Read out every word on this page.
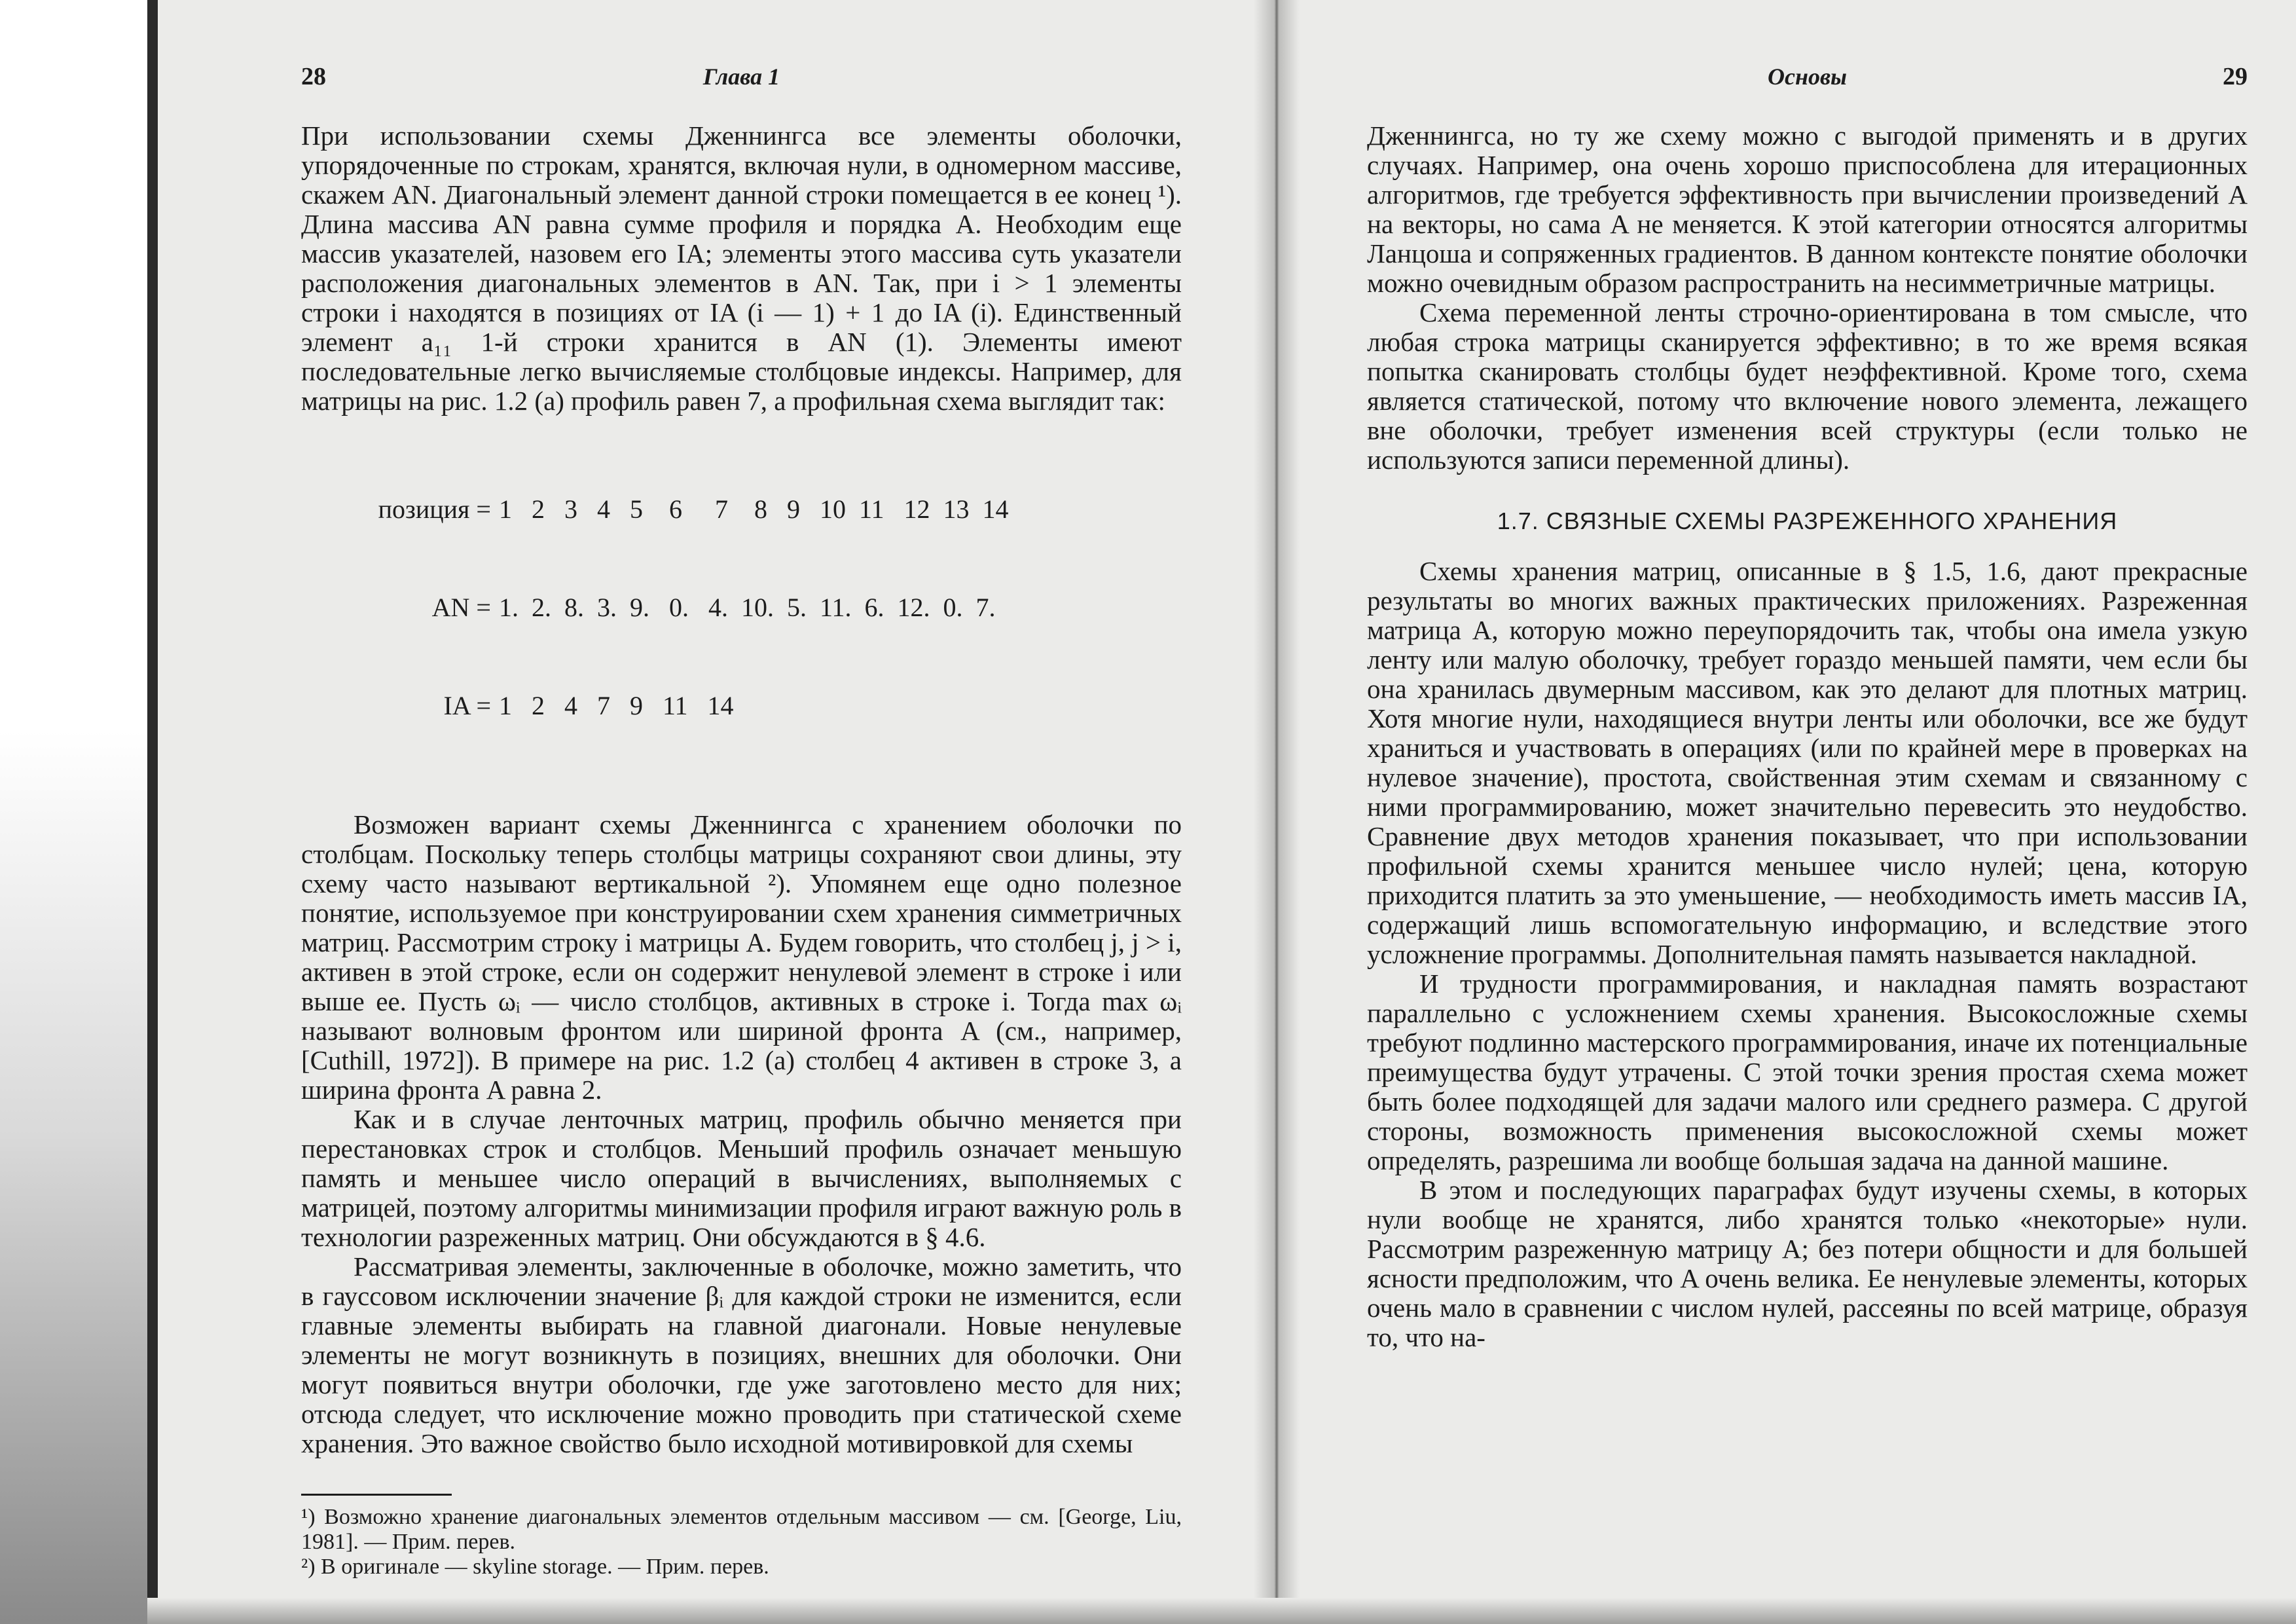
28	Глава 1

При использовании схемы Дженнингса все элементы оболочки, упорядоченные по строкам, хранятся, включая нули, в одномерном массиве, скажем AN. Диагональный элемент данной строки помещается в ее конец ¹). Длина массива AN равна сумме профиля и порядка A. Необходим еще массив указателей, назовем его IA; элементы этого массива суть указатели расположения диагональных элементов в AN. Так, при i > 1 элементы строки i находятся в позициях от IA (i — 1) + 1 до IA (i). Единственный элемент a₁₁ 1-й строки хранится в AN (1). Элементы имеют последовательные легко вычисляемые столбцовые индексы. Например, для матрицы на рис. 1.2 (a) профиль равен 7, а профильная схема выглядит так:

позиция = 1   2   3   4   5    6     7    8   9   10  11   12  13  14

AN = 1.  2.  8.  3.  9.   0.   4.  10.  5.  11.  6.  12.  0.  7.

IA = 1   2   4   7   9   11   14

Возможен вариант схемы Дженнингса с хранением оболочки по столбцам. Поскольку теперь столбцы матрицы сохраняют свои длины, эту схему часто называют вертикальной ²). Упомянем еще одно полезное понятие, используемое при конструировании схем хранения симметричных матриц. Рассмотрим строку i матрицы A. Будем говорить, что столбец j, j > i, активен в этой строке, если он содержит ненулевой элемент в строке i или выше ее. Пусть ωᵢ — число столбцов, активных в строке i. Тогда max ωᵢ называют волновым фронтом или шириной фронта A (см., например, [Cuthill, 1972]). В примере на рис. 1.2 (a) столбец 4 активен в строке 3, а ширина фронта A равна 2.

Как и в случае ленточных матриц, профиль обычно меняется при перестановках строк и столбцов. Меньший профиль означает меньшую память и меньшее число операций в вычислениях, выполняемых с матрицей, поэтому алгоритмы минимизации профиля играют важную роль в технологии разреженных матриц. Они обсуждаются в § 4.6.

Рассматривая элементы, заключенные в оболочке, можно заметить, что в гауссовом исключении значение βᵢ для каждой строки не изменится, если главные элементы выбирать на главной диагонали. Новые ненулевые элементы не могут возникнуть в позициях, внешних для оболочки. Они могут появиться внутри оболочки, где уже заготовлено место для них; отсюда следует, что исключение можно проводить при статической схеме хранения. Это важное свойство было исходной мотивировкой для схемы

¹) Возможно хранение диагональных элементов отдельным массивом — см. [George, Liu, 1981]. — Прим. перев.

²) В оригинале — skyline storage. — Прим. перев.

Основы	29

Дженнингса, но ту же схему можно с выгодой применять и в других случаях. Например, она очень хорошо приспособлена для итерационных алгоритмов, где требуется эффективность при вычислении произведений A на векторы, но сама A не меняется. К этой категории относятся алгоритмы Ланцоша и сопряженных градиентов. В данном контексте понятие оболочки можно очевидным образом распространить на несимметричные матрицы.

Схема переменной ленты строчно-ориентирована в том смысле, что любая строка матрицы сканируется эффективно; в то же время всякая попытка сканировать столбцы будет неэффективной. Кроме того, схема является статической, потому что включение нового элемента, лежащего вне оболочки, требует изменения всей структуры (если только не используются записи переменной длины).

1.7. СВЯЗНЫЕ СХЕМЫ РАЗРЕЖЕННОГО ХРАНЕНИЯ

Схемы хранения матриц, описанные в § 1.5, 1.6, дают прекрасные результаты во многих важных практических приложениях. Разреженная матрица A, которую можно переупорядочить так, чтобы она имела узкую ленту или малую оболочку, требует гораздо меньшей памяти, чем если бы она хранилась двумерным массивом, как это делают для плотных матриц. Хотя многие нули, находящиеся внутри ленты или оболочки, все же будут храниться и участвовать в операциях (или по крайней мере в проверках на нулевое значение), простота, свойственная этим схемам и связанному с ними программированию, может значительно перевесить это неудобство. Сравнение двух методов хранения показывает, что при использовании профильной схемы хранится меньшее число нулей; цена, которую приходится платить за это уменьшение, — необходимость иметь массив IA, содержащий лишь вспомогательную информацию, и вследствие этого усложнение программы. Дополнительная память называется накладной.

И трудности программирования, и накладная память возрастают параллельно с усложнением схемы хранения. Высокосложные схемы требуют подлинно мастерского программирования, иначе их потенциальные преимущества будут утрачены. С этой точки зрения простая схема может быть более подходящей для задачи малого или среднего размера. С другой стороны, возможность применения высокосложной схемы может определять, разрешима ли вообще большая задача на данной машине.

В этом и последующих параграфах будут изучены схемы, в которых нули вообще не хранятся, либо хранятся только «некоторые» нули. Рассмотрим разреженную матрицу A; без потери общности и для большей ясности предположим, что A очень велика. Ее ненулевые элементы, которых очень мало в сравнении с числом нулей, рассеяны по всей матрице, образуя то, что на-
